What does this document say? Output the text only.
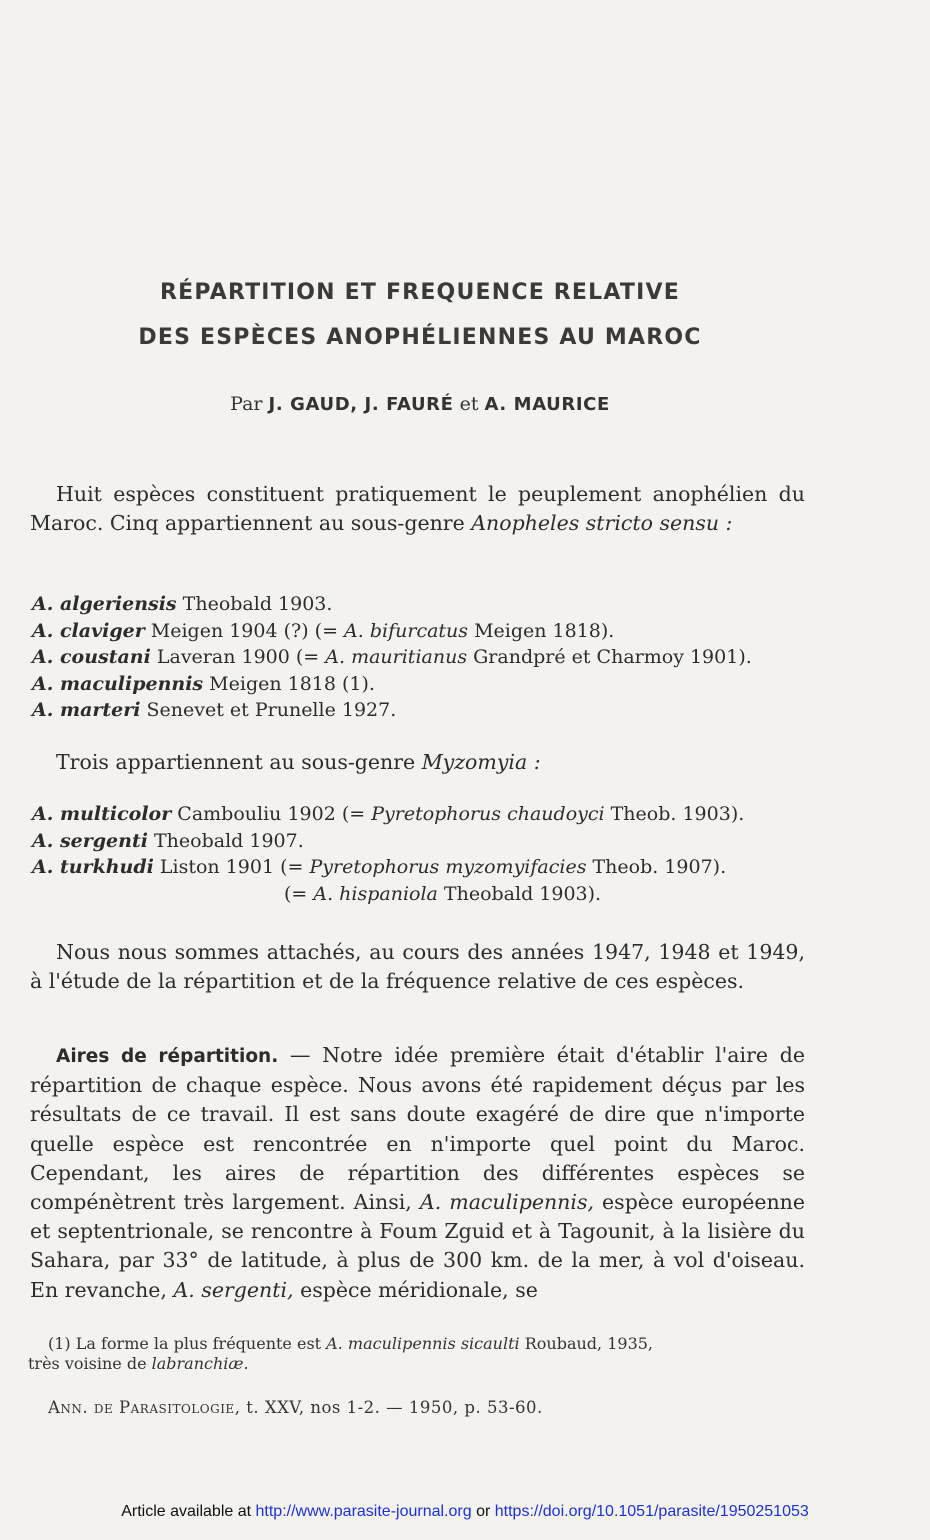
RÉPARTITION ET FREQUENCE RELATIVE
DES ESPÈCES ANOPHÉLIENNES AU MAROC
Par J. GAUD, J. FAURÉ et A. MAURICE
Huit espèces constituent pratiquement le peuplement anophélien du Maroc. Cinq appartiennent au sous-genre Anopheles stricto sensu :
A. algeriensis Theobald 1903.
A. claviger Meigen 1904 (?) (= A. bifurcatus Meigen 1818).
A. coustani Laveran 1900 (= A. mauritianus Grandpré et Charmoy 1901).
A. maculipennis Meigen 1818 (1).
A. marteri Senevet et Prunelle 1927.
Trois appartiennent au sous-genre Myzomyia :
A. multicolor Cambouliu 1902 (= Pyretophorus chaudoyci Theob. 1903).
A. sergenti Theobald 1907.
A. turkhudi Liston 1901 (= Pyretophorus myzomyifacies Theob. 1907).
(= A. hispaniola Theobald 1903).
Nous nous sommes attachés, au cours des années 1947, 1948 et 1949, à l'étude de la répartition et de la fréquence relative de ces espèces.
Aires de répartition. — Notre idée première était d'établir l'aire de répartition de chaque espèce. Nous avons été rapidement déçus par les résultats de ce travail. Il est sans doute exagéré de dire que n'importe quelle espèce est rencontrée en n'importe quel point du Maroc. Cependant, les aires de répartition des différentes espèces se compénètrent très largement. Ainsi, A. maculipennis, espèce européenne et septentrionale, se rencontre à Foum Zguid et à Tagounit, à la lisière du Sahara, par 33° de latitude, à plus de 300 km. de la mer, à vol d'oiseau. En revanche, A. sergenti, espèce méridionale, se
(1) La forme la plus fréquente est A. maculipennis sicaulti Roubaud, 1935,
très voisine de labranchiæ.
Ann. de Parasitologie, t. XXV, nos 1-2. — 1950, p. 53-60.
Article available at http://www.parasite-journal.org or https://doi.org/10.1051/parasite/1950251053
